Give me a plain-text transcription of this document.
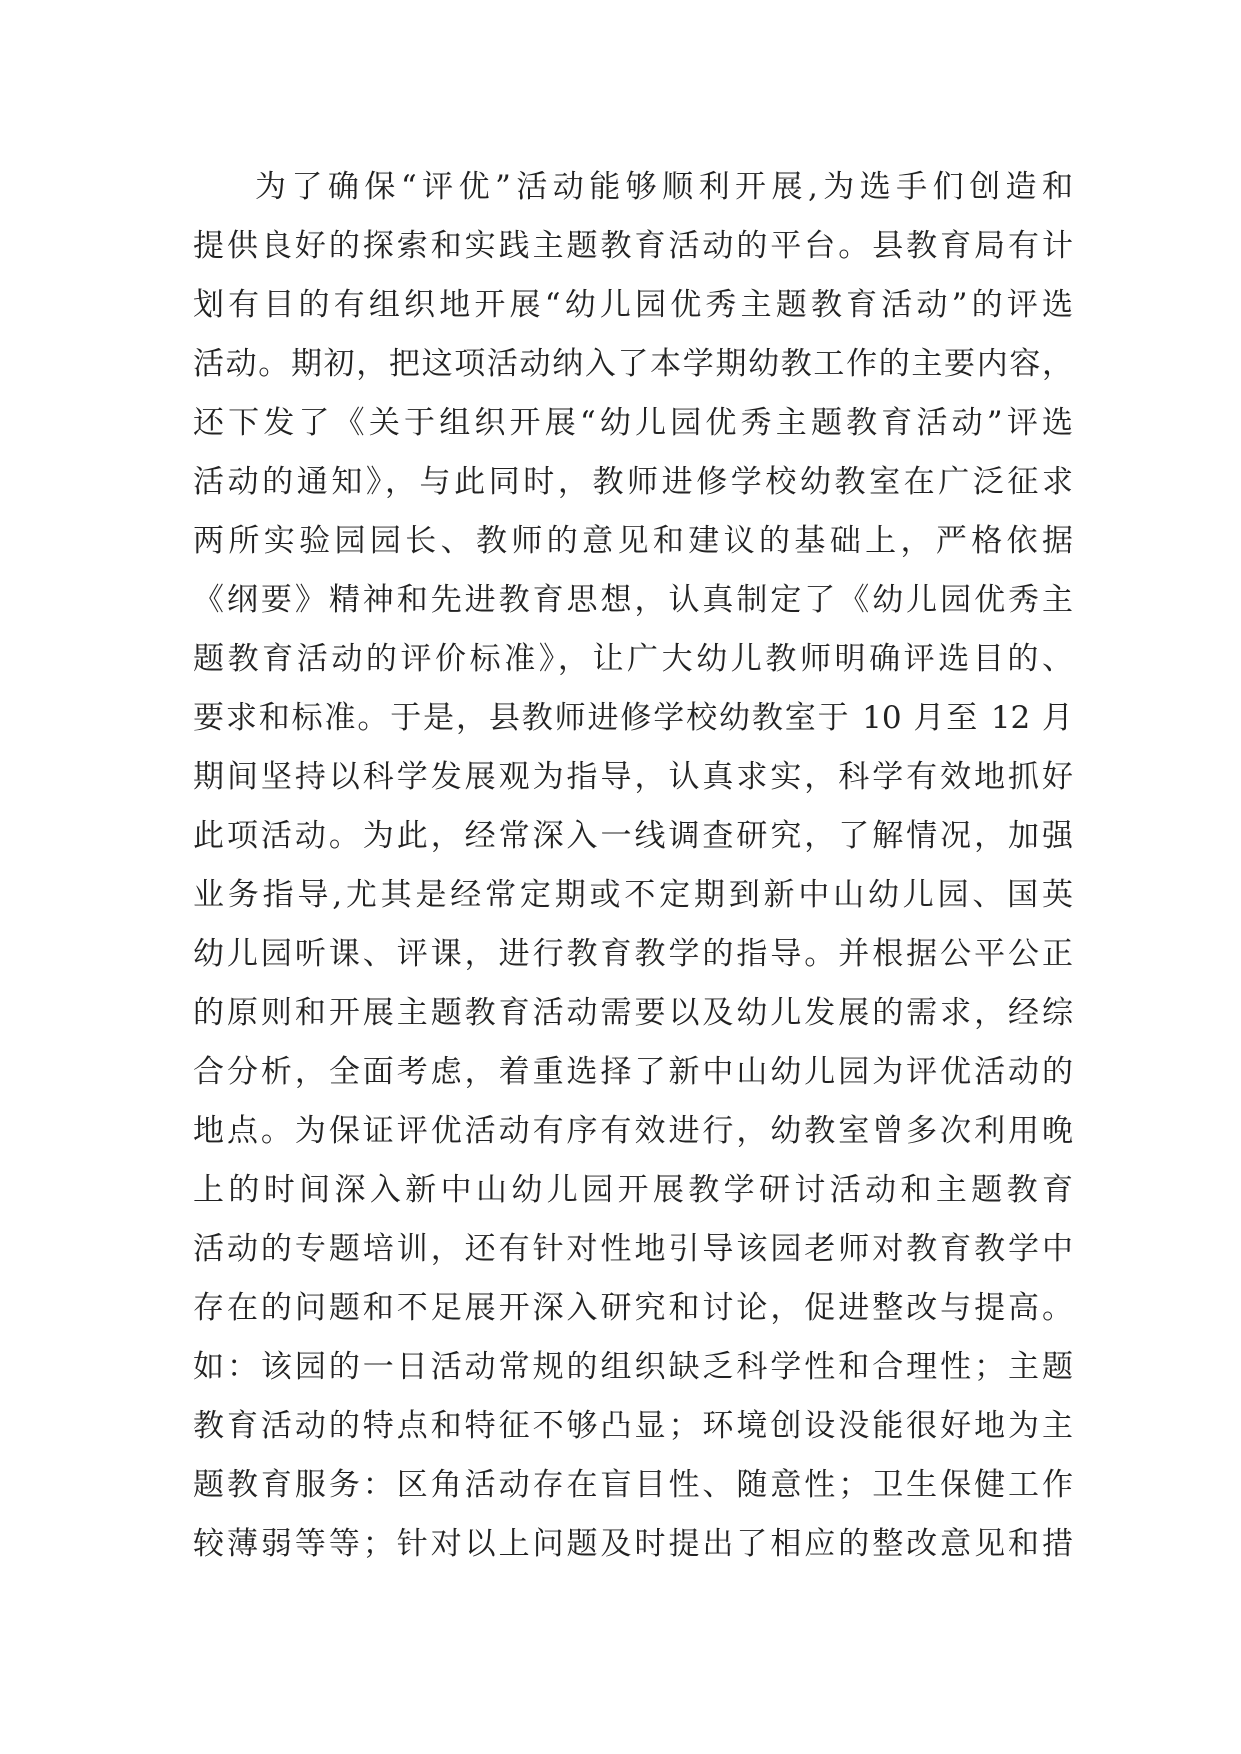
为了确保“评优”活动能够顺利开展,为选手们创造和
提供良好的探索和实践主题教育活动的平台。县教育局有计
划有目的有组织地开展“幼儿园优秀主题教育活动”的评选
活动。期初，把这项活动纳入了本学期幼教工作的主要内容，
还下发了《关于组织开展“幼儿园优秀主题教育活动”评选
活动的通知》，与此同时，教师进修学校幼教室在广泛征求
两所实验园园长、教师的意见和建议的基础上，严格依据
《纲要》精神和先进教育思想，认真制定了《幼儿园优秀主
题教育活动的评价标准》，让广大幼儿教师明确评选目的、
要求和标准。于是，县教师进修学校幼教室于 10 月至 12 月
期间坚持以科学发展观为指导，认真求实，科学有效地抓好
此项活动。为此，经常深入一线调查研究，了解情况，加强
业务指导,尤其是经常定期或不定期到新中山幼儿园、国英
幼儿园听课、评课，进行教育教学的指导。并根据公平公正
的原则和开展主题教育活动需要以及幼儿发展的需求，经综
合分析，全面考虑，着重选择了新中山幼儿园为评优活动的
地点。为保证评优活动有序有效进行，幼教室曾多次利用晚
上的时间深入新中山幼儿园开展教学研讨活动和主题教育
活动的专题培训，还有针对性地引导该园老师对教育教学中
存在的问题和不足展开深入研究和讨论，促进整改与提高。
如：该园的一日活动常规的组织缺乏科学性和合理性；主题
教育活动的特点和特征不够凸显；环境创设没能很好地为主
题教育服务：区角活动存在盲目性、随意性；卫生保健工作
较薄弱等等；针对以上问题及时提出了相应的整改意见和措
